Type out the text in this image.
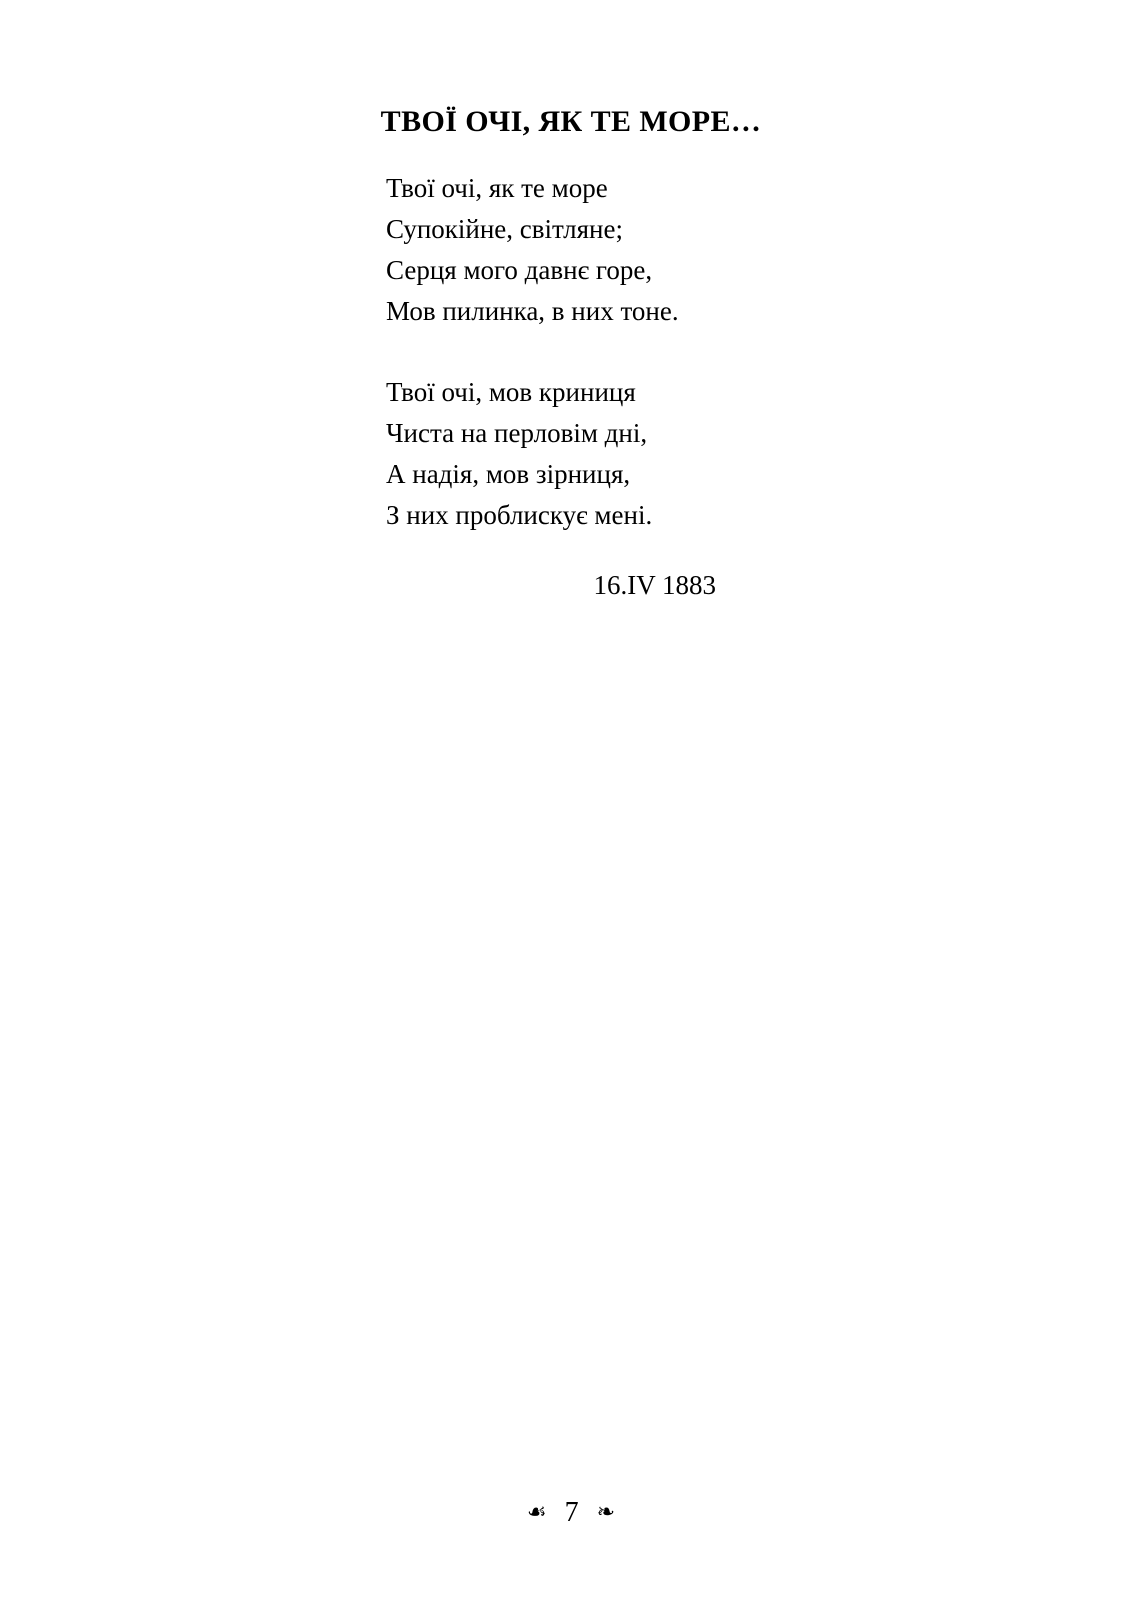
ТВОЇ ОЧІ, ЯК ТЕ МОРЕ…
Твої очі, як те море
Супокійне, світляне;
Серця мого давнє горе,
Мов пилинка, в них тоне.
Твої очі, мов криниця
Чиста на перловім дні,
А надія, мов зірниця,
З них проблискує мені.
16.IV 1883
☙ 7 ❧
